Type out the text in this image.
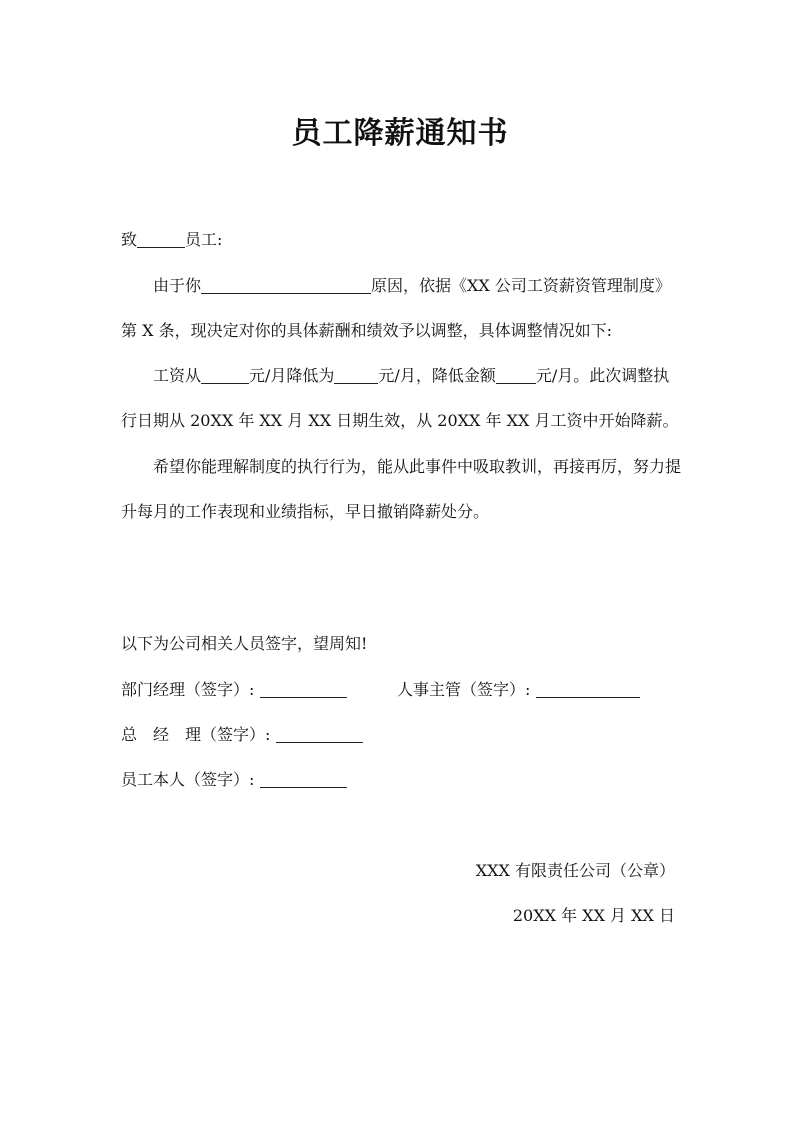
员工降薪通知书
致	员工:
由于你	原因，依据《XX 公司工资薪资管理制度》
第 X 条，现决定对你的具体薪酬和绩效予以调整，具体调整情况如下:
工资从	元/月降低为	元/月，降低金额	元/月。此次调整执
行日期从 20XX 年 XX 月 XX 日期生效，从 20XX 年 XX 月工资中开始降薪。
希望你能理解制度的执行行为，能从此事件中吸取教训，再接再厉，努力提
升每月的工作表现和业绩指标，早日撤销降薪处分。
以下为公司相关人员签字，望周知!
部门经理（签字）:	人事主管（签字）:
总　经　理（签字）:
员工本人（签字）:
XXX 有限责任公司（公章）
20XX 年 XX 月 XX 日
